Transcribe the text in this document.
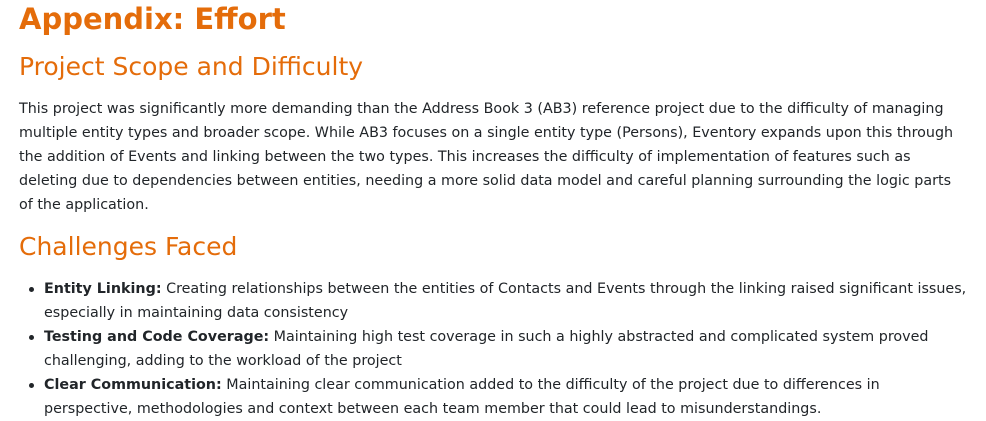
Appendix: Effort
Project Scope and Difficulty

This project was significantly more demanding than the Address Book 3 (AB3) reference project due to the difficulty of managing multiple entity types and broader scope. While AB3 focuses on a single entity type (Persons), Eventory expands upon this through the addition of Events and linking between the two types. This increases the difficulty of implementation of features such as deleting due to dependencies between entities, needing a more solid data model and careful planning surrounding the logic parts of the application.

Challenges Faced
Entity Linking: Creating relationships between the entities of Contacts and Events through the linking raised significant issues, especially in maintaining data consistency
Testing and Code Coverage: Maintaining high test coverage in such a highly abstracted and complicated system proved challenging, adding to the workload of the project
Clear Communication: Maintaining clear communication added to the difficulty of the project due to differences in perspective, methodologies and context between each team member that could lead to misunderstandings.
